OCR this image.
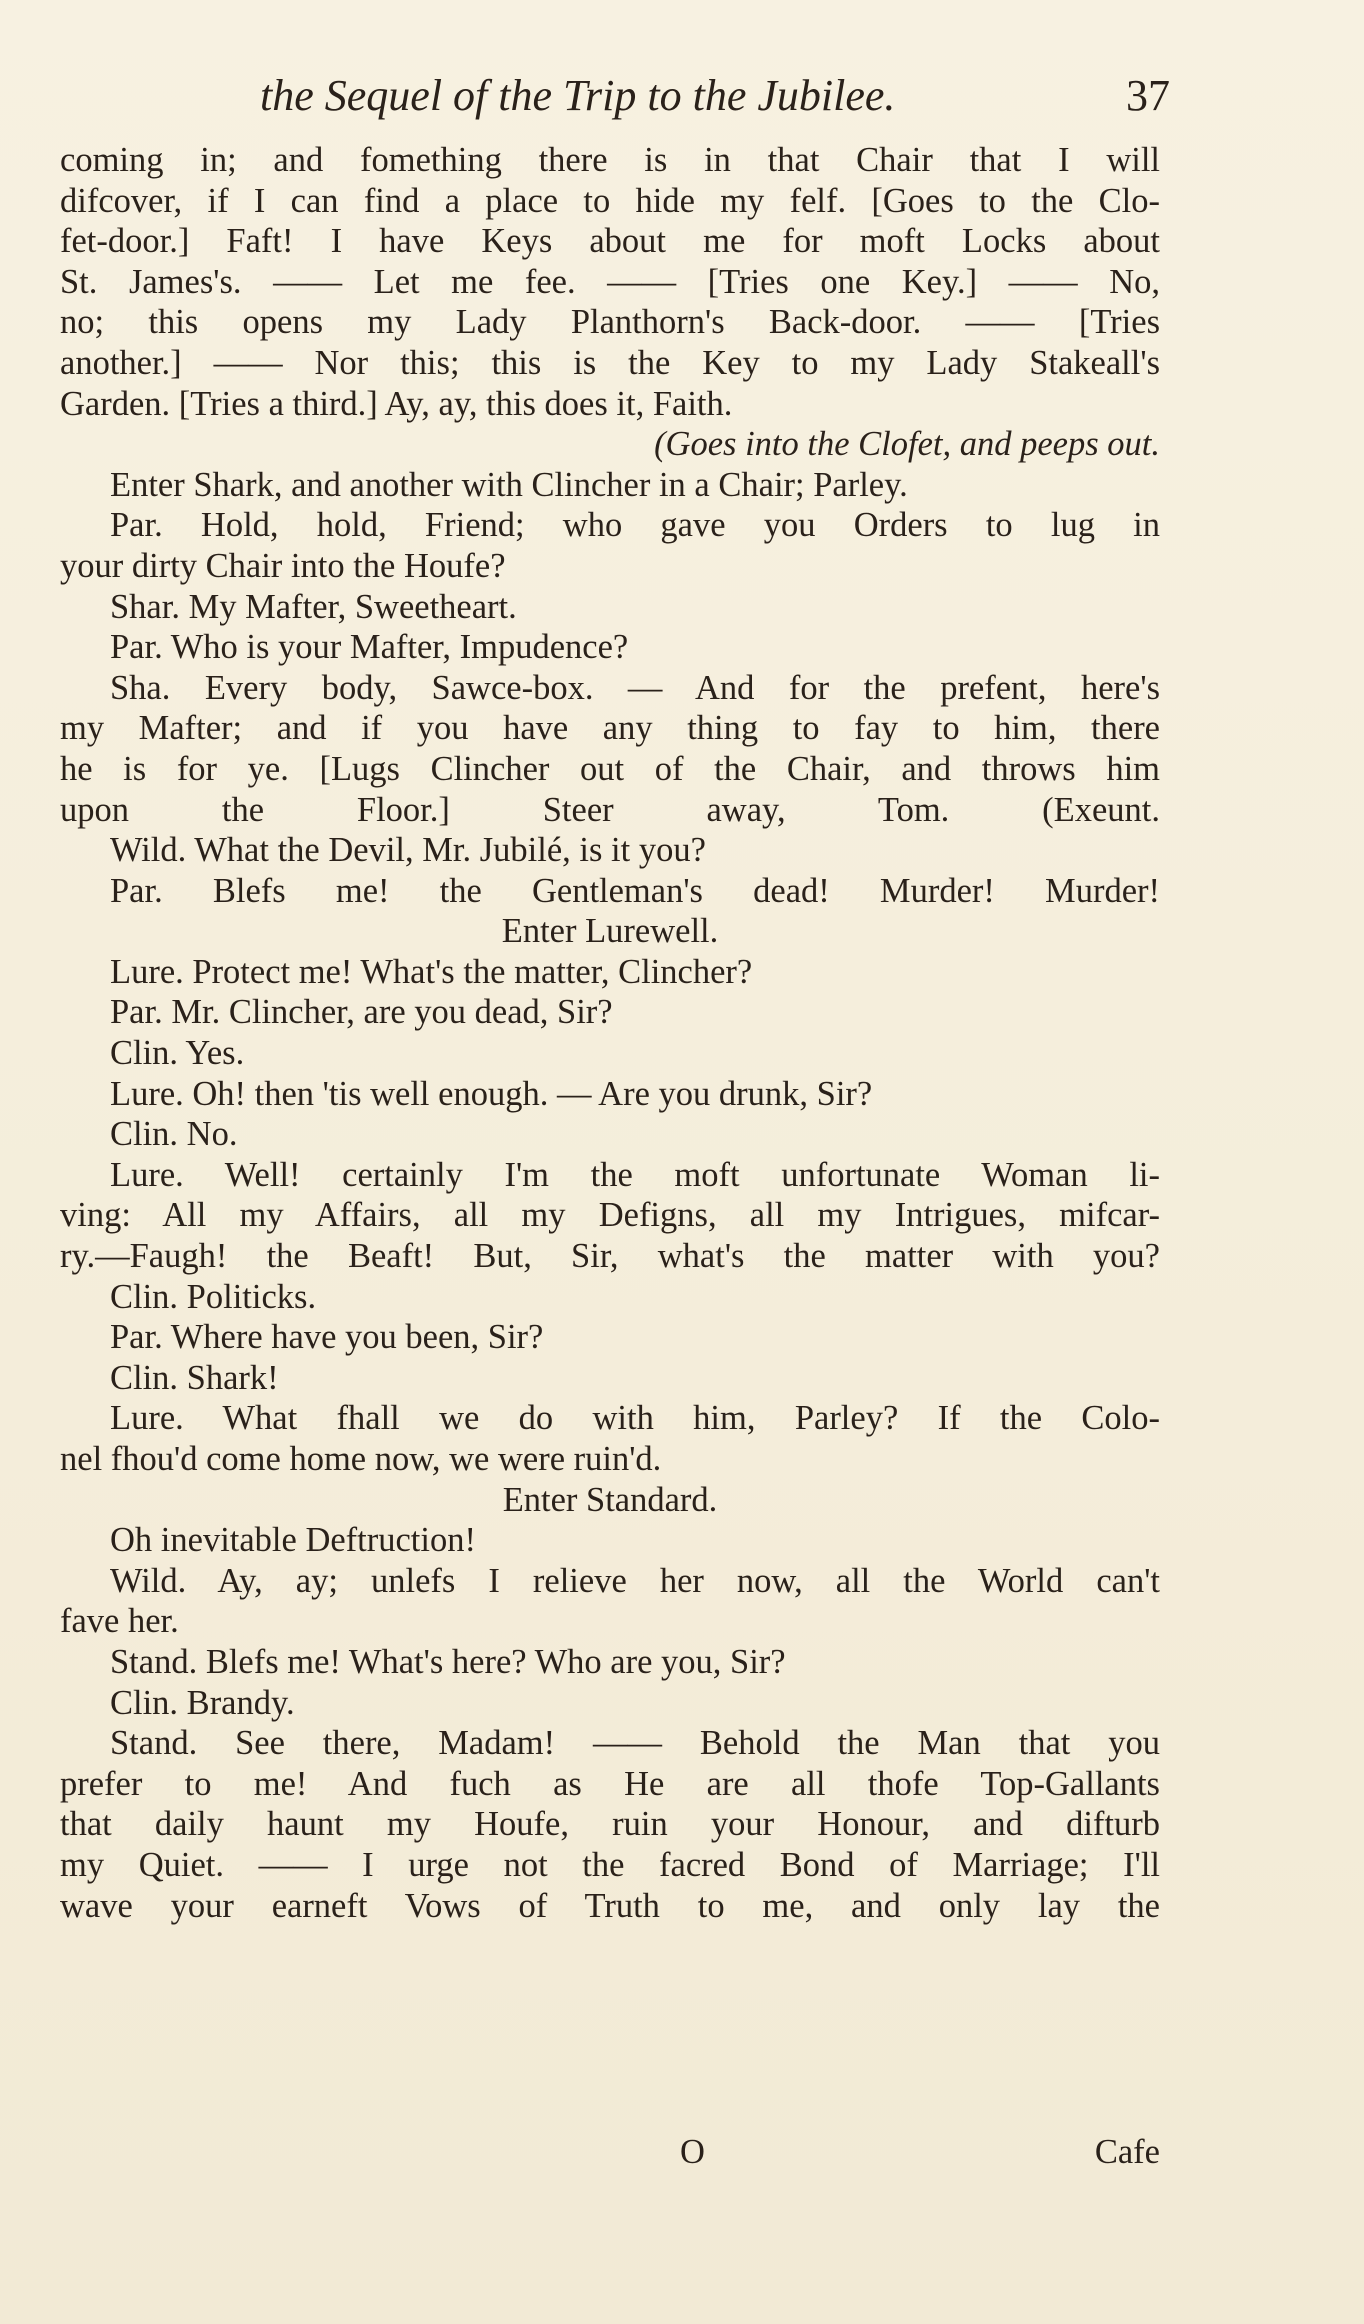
the Sequel of the Trip to the Jubilee.	37
coming in; and fomething there is in that Chair that I will
difcover, if I can find a place to hide my felf. [Goes to the Clo-
fet-door.] Faft! I have Keys about me for moft Locks about
St. James's. —— Let me fee. —— [Tries one Key.] —— No,
no; this opens my Lady Planthorn's Back-door. —— [Tries
another.] —— Nor this; this is the Key to my Lady Stakeall's
Garden. [Tries a third.] Ay, ay, this does it, Faith.
(Goes into the Clofet, and peeps out.
Enter Shark, and another with Clincher in a Chair; Parley.
Par. Hold, hold, Friend; who gave you Orders to lug in
your dirty Chair into the Houfe?
Shar. My Mafter, Sweetheart.
Par. Who is your Mafter, Impudence?
Sha. Every body, Sawce-box. — And for the prefent, here's
my Mafter; and if you have any thing to fay to him, there
he is for ye. [Lugs Clincher out of the Chair, and throws him
upon the Floor.] Steer away, Tom. (Exeunt.
Wild. What the Devil, Mr. Jubilé, is it you?
Par. Blefs me! the Gentleman's dead! Murder! Murder!
Enter Lurewell.
Lure. Protect me! What's the matter, Clincher?
Par. Mr. Clincher, are you dead, Sir?
Clin. Yes.
Lure. Oh! then 'tis well enough. — Are you drunk, Sir?
Clin. No.
Lure. Well! certainly I'm the moft unfortunate Woman li-
ving: All my Affairs, all my Defigns, all my Intrigues, mifcar-
ry.—Faugh! the Beaft! But, Sir, what's the matter with you?
Clin. Politicks.
Par. Where have you been, Sir?
Clin. Shark!
Lure. What fhall we do with him, Parley? If the Colo-
nel fhou'd come home now, we were ruin'd.
Enter Standard.
Oh inevitable Deftruction!
Wild. Ay, ay; unlefs I relieve her now, all the World can't
fave her.
Stand. Blefs me! What's here? Who are you, Sir?
Clin. Brandy.
Stand. See there, Madam! —— Behold the Man that you
prefer to me! And fuch as He are all thofe Top-Gallants
that daily haunt my Houfe, ruin your Honour, and difturb
my Quiet. —— I urge not the facred Bond of Marriage; I'll
wave your earneft Vows of Truth to me, and only lay the
O	Cafe
